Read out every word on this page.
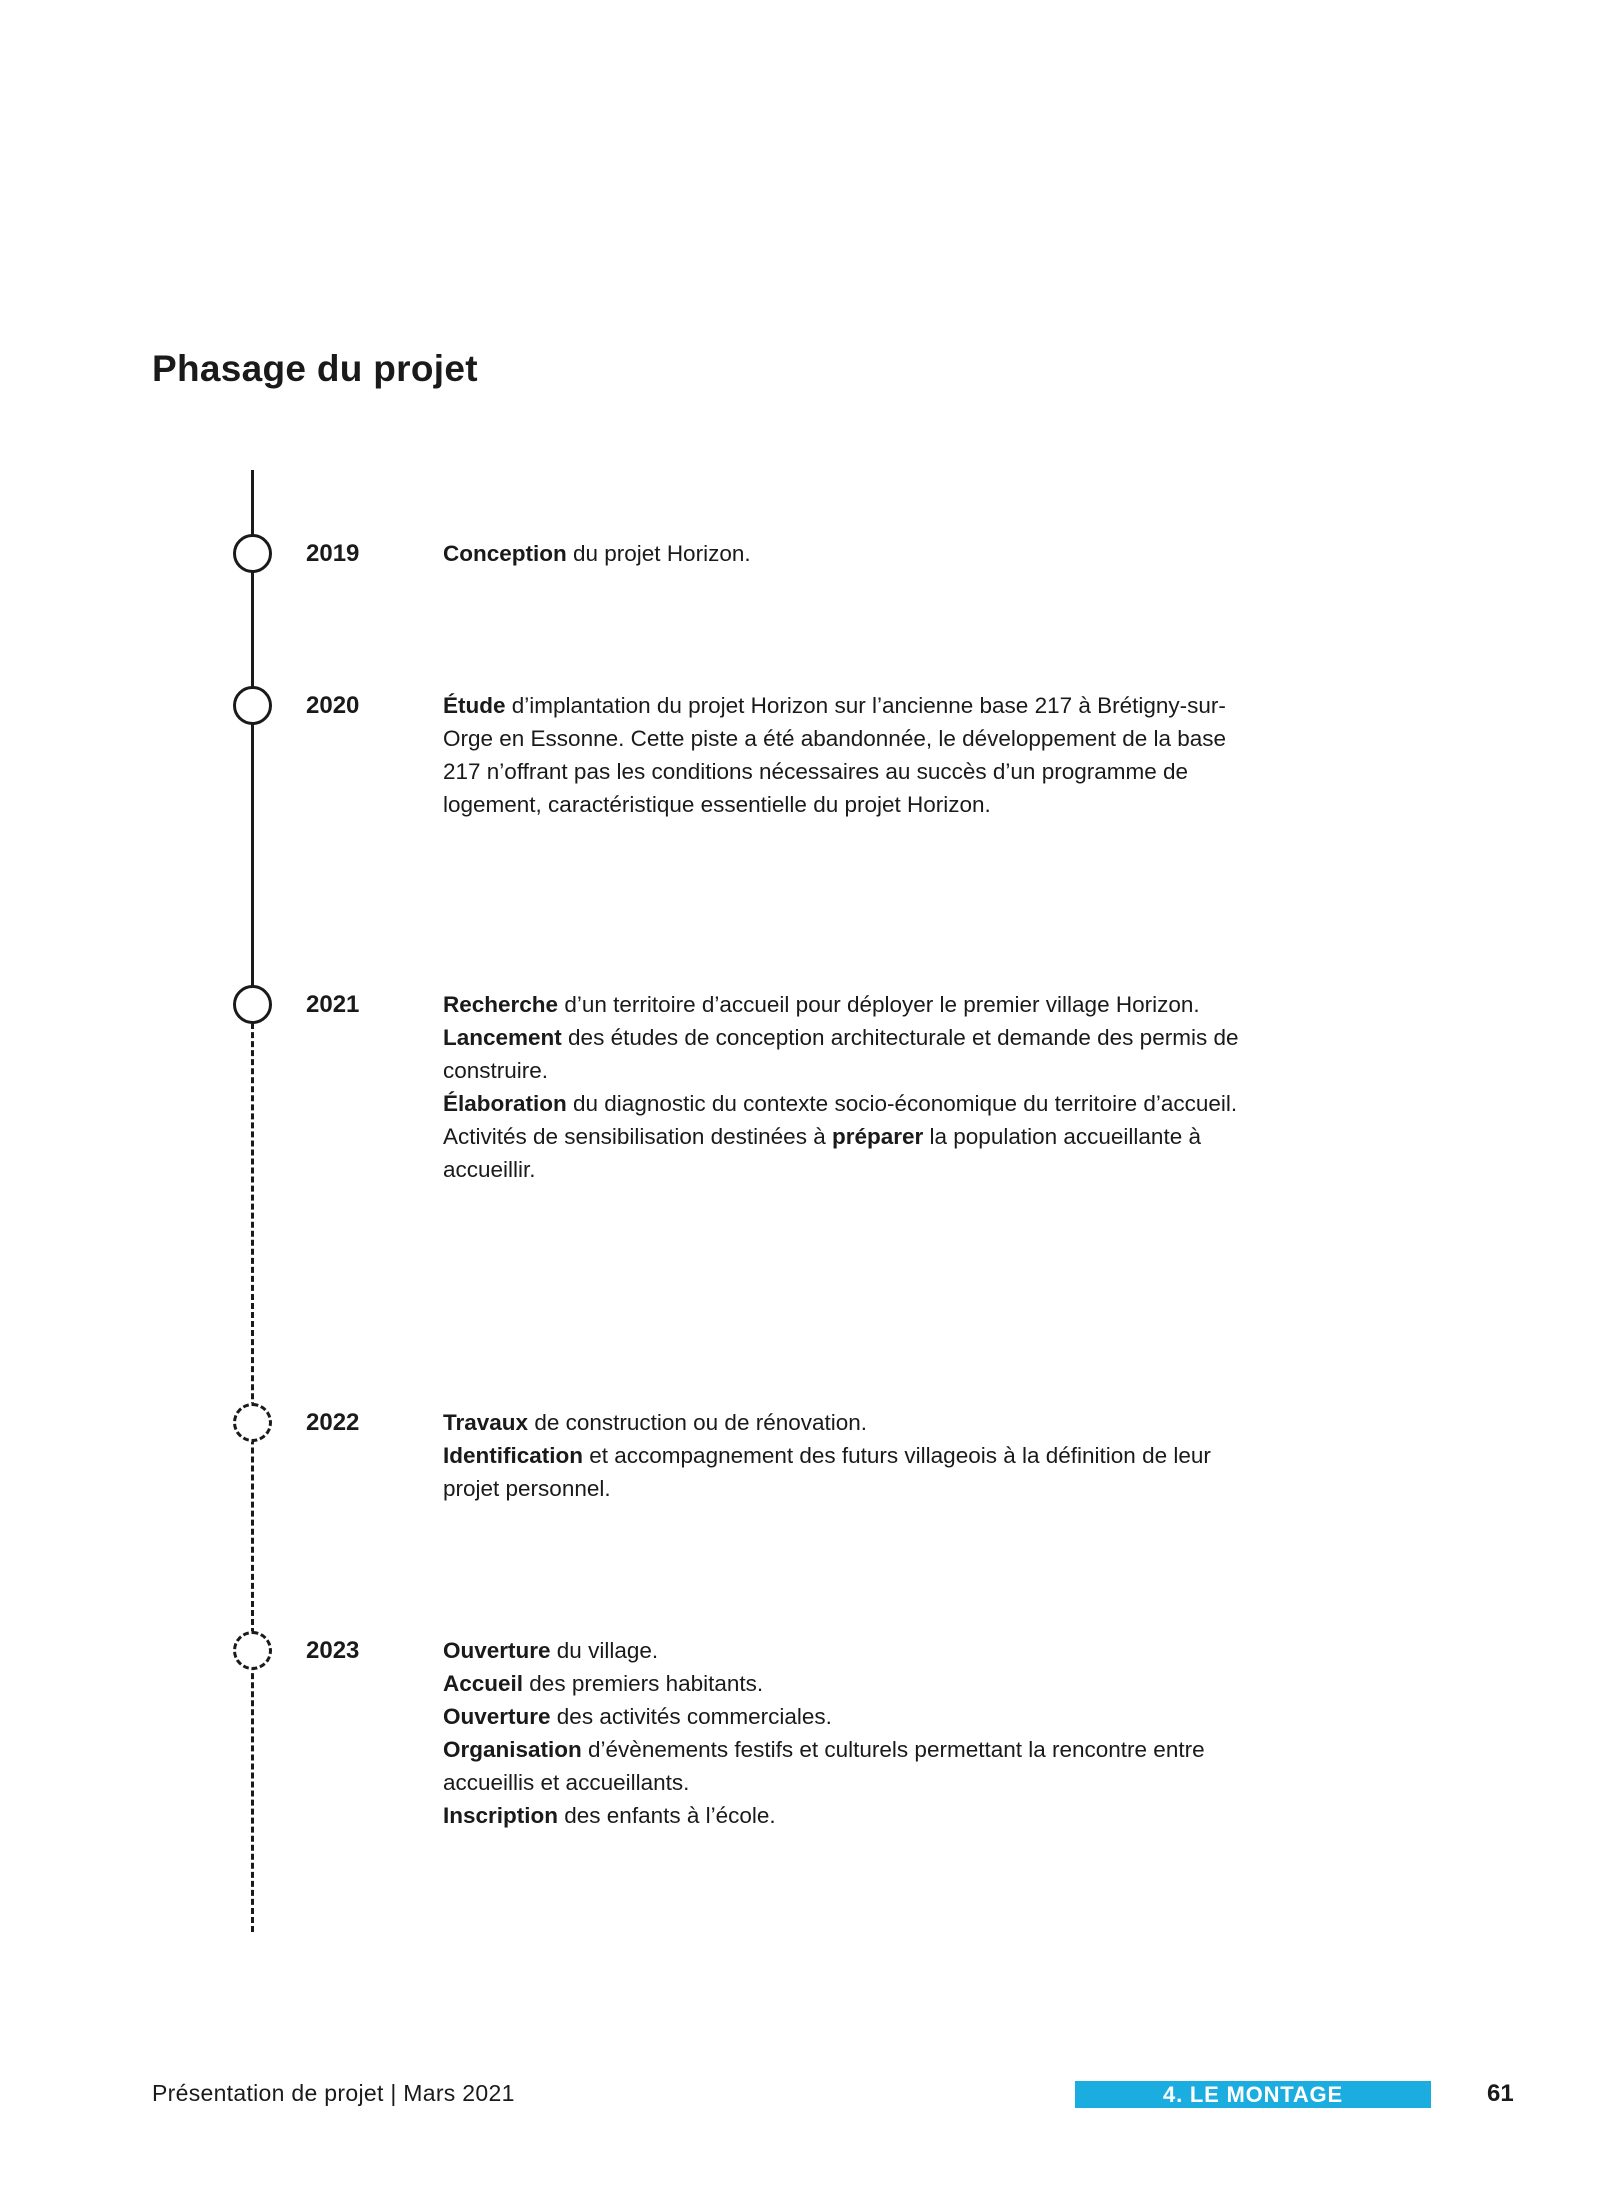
Phasage du projet
2019	Conception du projet Horizon.

2020	Étude d’implantation du projet Horizon sur l’ancienne base 217 à Brétigny-sur-Orge en Essonne. Cette piste a été abandonnée, le développement de la base 217 n’offrant pas les conditions nécessaires au succès d’un programme de logement, caractéristique essentielle du projet Horizon.

2021	Recherche d’un territoire d’accueil pour déployer le premier village Horizon.

Lancement des études de conception architecturale et demande des permis de construire.

Élaboration du diagnostic du contexte socio-économique du territoire d’accueil.

Activités de sensibilisation destinées à préparer la population accueillante à accueillir.

2022	Travaux de construction ou de rénovation.

Identification et accompagnement des futurs villageois à la définition de leur projet personnel.

2023	Ouverture du village.

Accueil des premiers habitants.

Ouverture des activités commerciales.

Organisation d’évènements festifs et culturels permettant la rencontre entre accueillis et accueillants.

Inscription des enfants à l’école.

Présentation de projet | Mars 2021	4. LE MONTAGE	61
